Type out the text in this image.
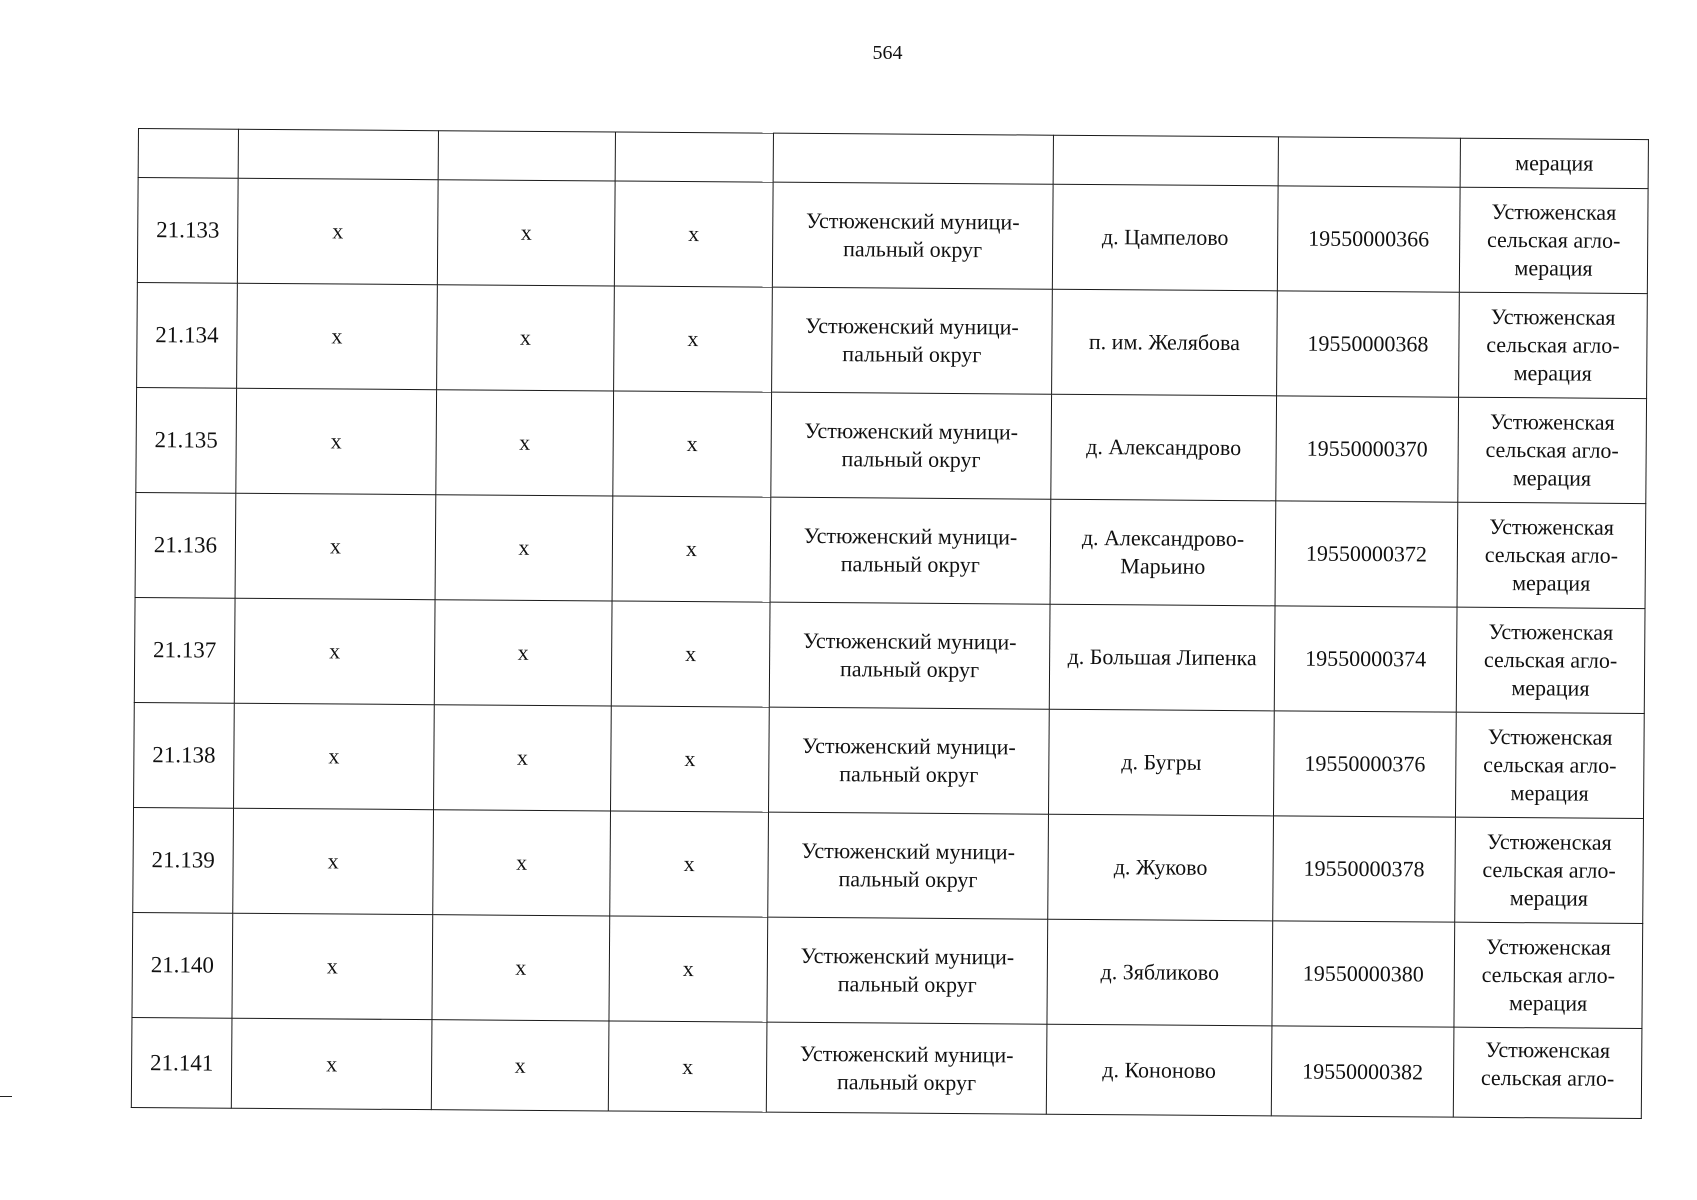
564
							мерация
21.133	х	х	х	Устюженский муници-
пальный округ	д. Цампелово	19550000366	Устюженская
сельская агло-
мерация

21.134	х	х	х	Устюженский муници-
пальный округ	п. им. Желябова	19550000368	Устюженская
сельская агло-
мерация

21.135	х	х	х	Устюженский муници-
пальный округ	д. Александрово	19550000370	Устюженская
сельская агло-
мерация

21.136	х	х	х	Устюженский муници-
пальный округ	д. Александрово-
Марьино	19550000372	Устюженская
сельская агло-
мерация

21.137	х	х	х	Устюженский муници-
пальный округ	д. Большая Липенка	19550000374	Устюженская
сельская агло-
мерация

21.138	х	х	х	Устюженский муници-
пальный округ	д. Бугры	19550000376	Устюженская
сельская агло-
мерация

21.139	х	х	х	Устюженский муници-
пальный округ	д. Жуково	19550000378	Устюженская
сельская агло-
мерация

21.140	х	х	х	Устюженский муници-
пальный округ	д. Зябликово	19550000380	Устюженская
сельская агло-
мерация

21.141	х	х	х	Устюженский муници-
пальный округ	д. Кононово	19550000382	Устюженская
сельская агло-
